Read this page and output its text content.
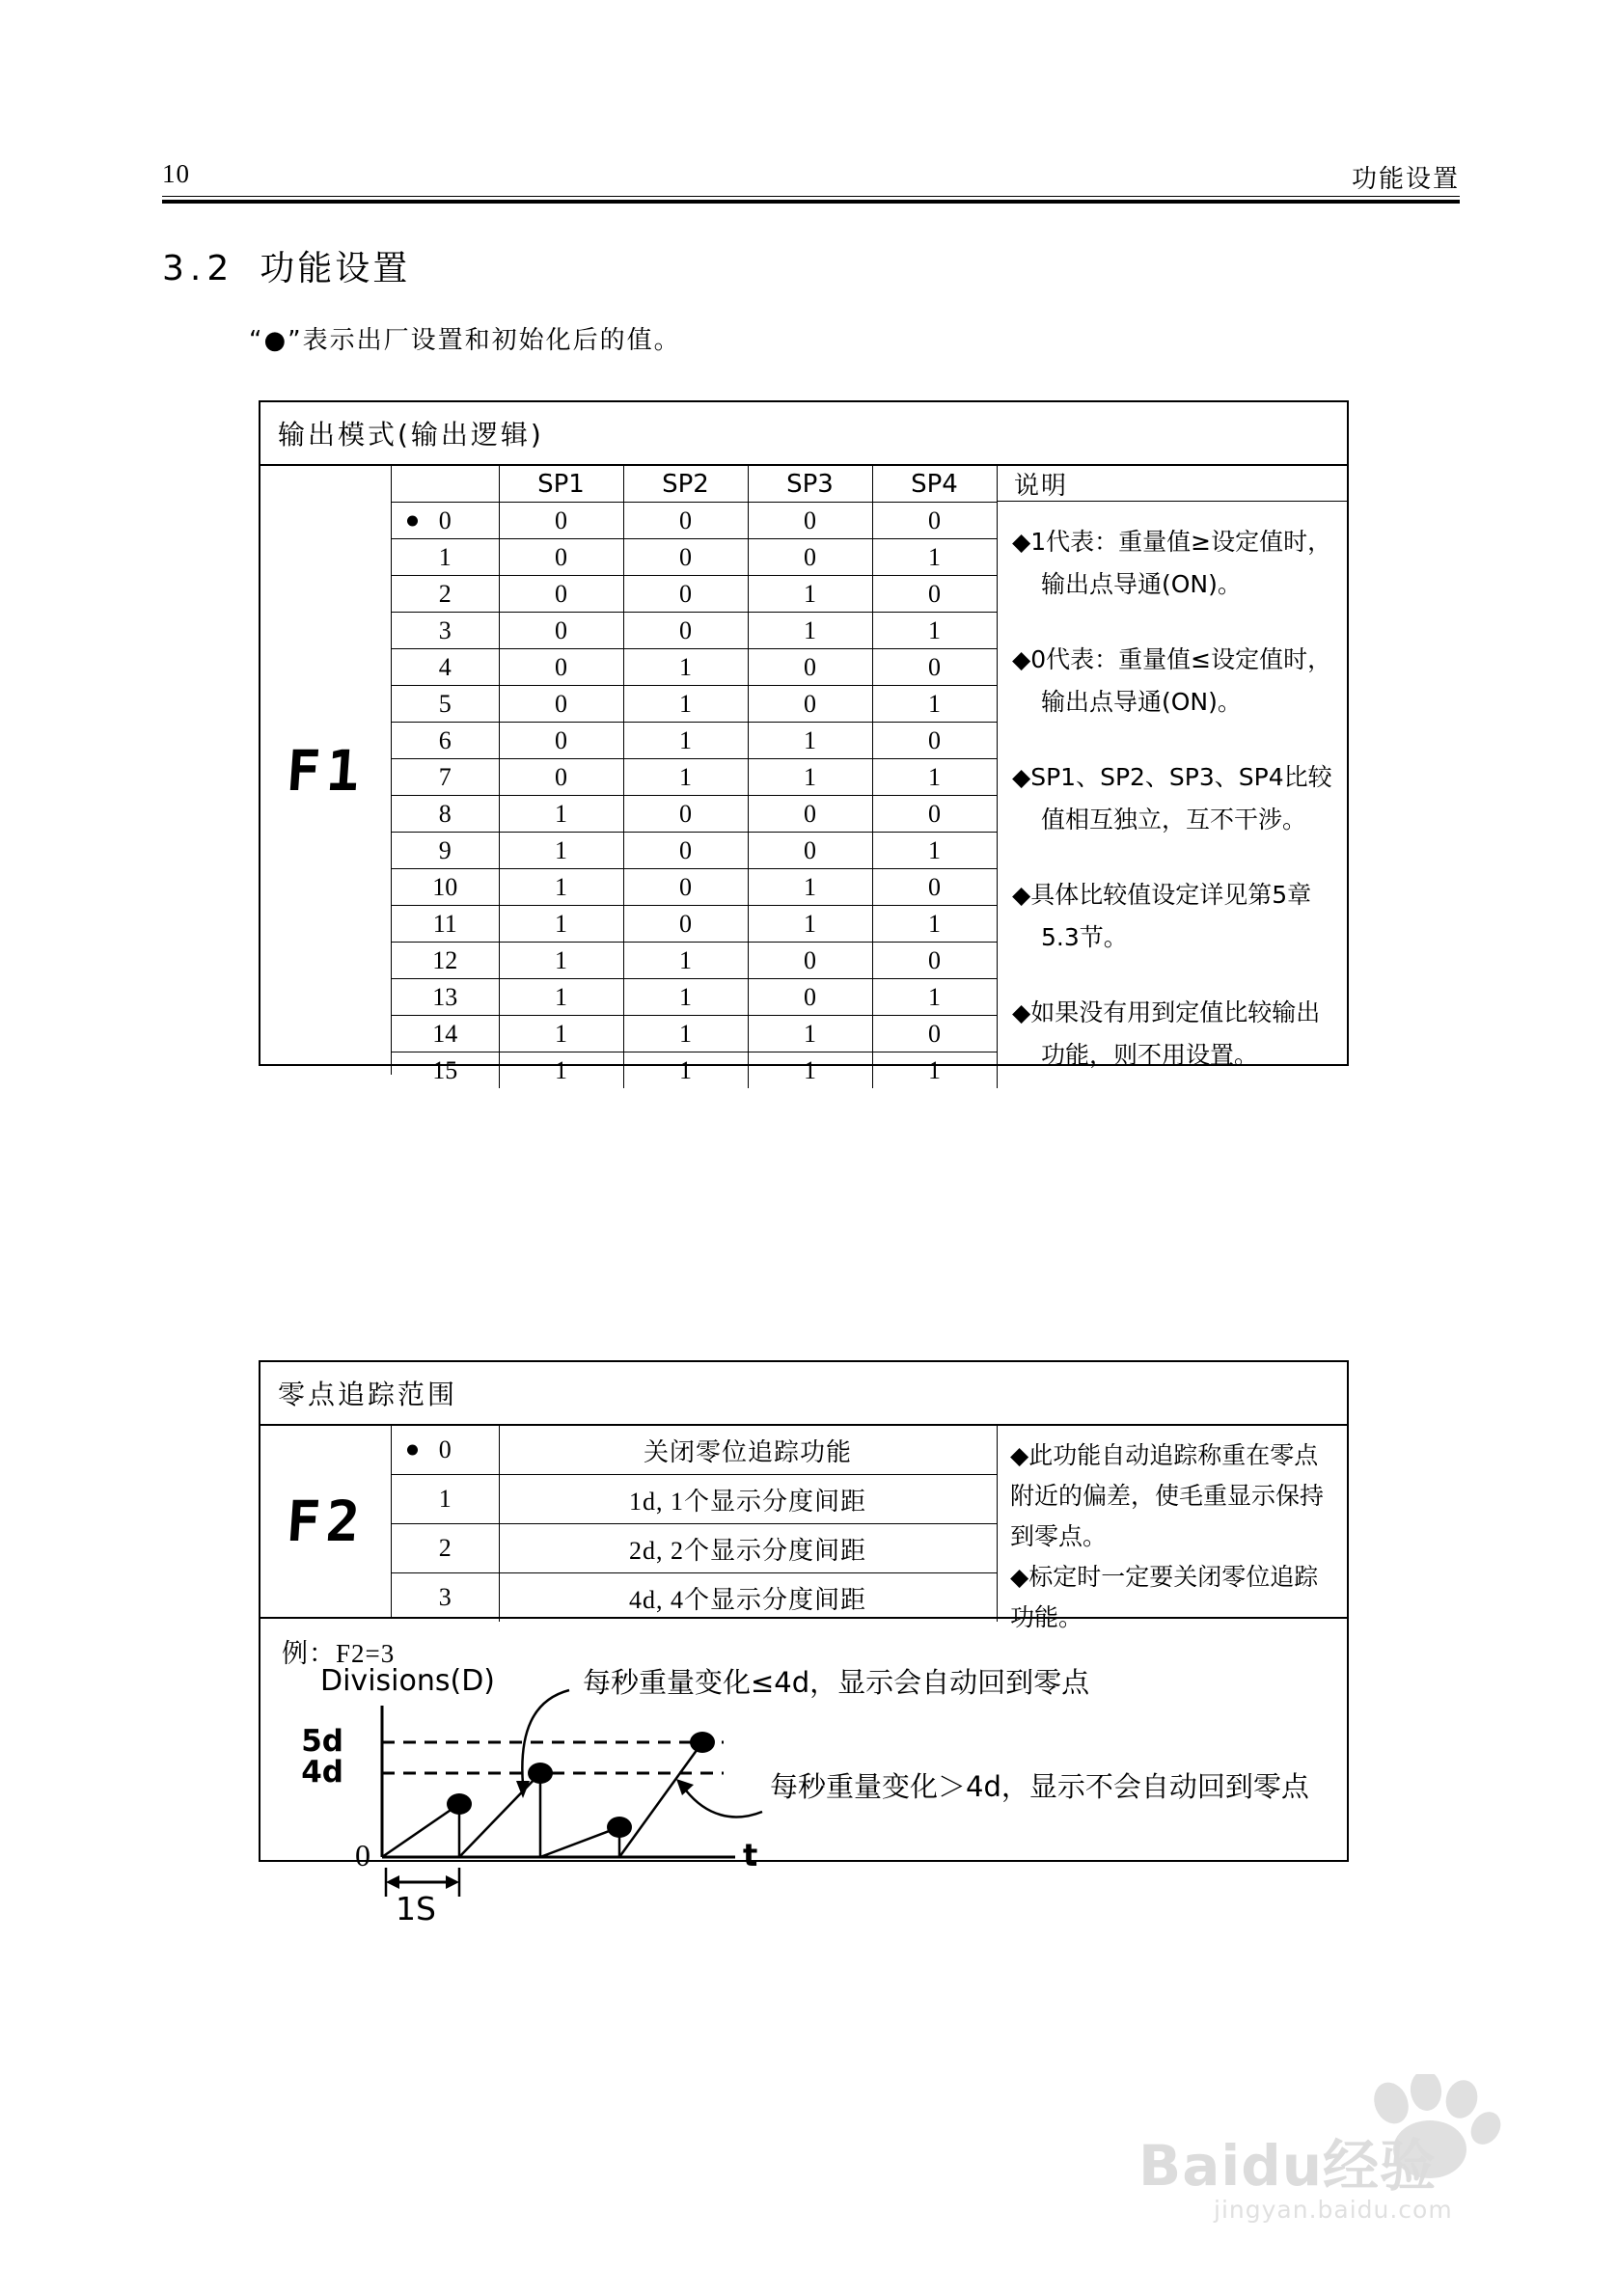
10	功能设置
3.2 功能设置
“●”表示出厂设置和初始化后的值。
输出模式(输出逻辑)
F1
	SP1	SP2	SP3	SP4

0	0	0	0	0
1	0	0	0	1
2	0	0	1	0
3	0	0	1	1
4	0	1	0	0
5	0	1	0	1
6	0	1	1	0
7	0	1	1	1
8	1	0	0	0
9	1	0	0	1
10	1	0	1	0
11	1	0	1	1
12	1	1	0	0
13	1	1	0	1
14	1	1	1	0
15	1	1	1	1
说明
◆1代表：重量值≥设定值时，
输出点导通(ON)。
◆0代表：重量值≤设定值时，
输出点导通(ON)。
◆SP1、SP2、SP3、SP4比较
值相互独立，互不干涉。
◆具体比较值设定详见第5章
5.3节。
◆如果没有用到定值比较输出
功能，则不用设置。
零点追踪范围
F2
0	关闭零位追踪功能
1	1d, 1个显示分度间距
2	2d, 2个显示分度间距
3	4d, 4个显示分度间距
◆此功能自动追踪称重在零点
附近的偏差，使毛重显示保持
到零点。
◆标定时一定要关闭零位追踪
功能。
例：F2=3
Divisions(D)
t
5d
4d
0
每秒重量变化≤4d，显示会自动回到零点
每秒重量变化＞4d，显示不会自动回到零点
1S
Baidu经验
jingyan.baidu.com
